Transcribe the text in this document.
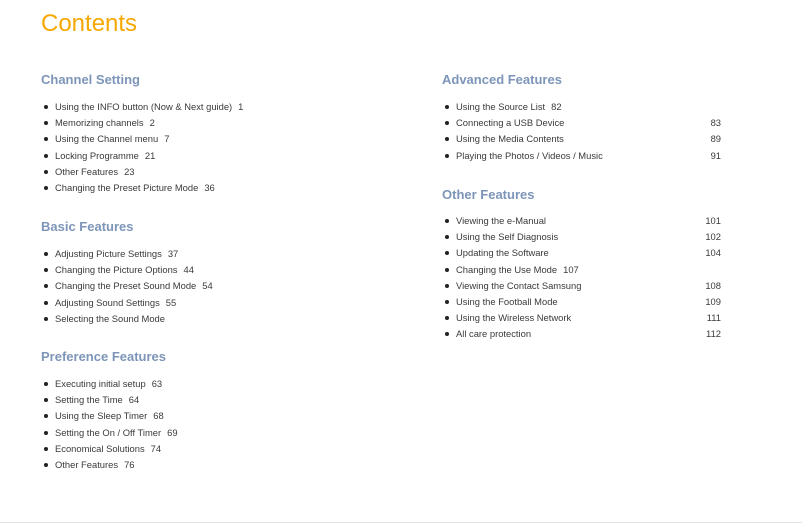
Contents
Channel Setting
Using the INFO button (Now & Next guide) 1
Memorizing channels 2
Using the Channel menu 7
Locking Programme 21
Other Features 23
Changing the Preset Picture Mode 36
Basic Features
Adjusting Picture Settings 37
Changing the Picture Options 44
Changing the Preset Sound Mode 54
Adjusting Sound Settings 55
Selecting the Sound Mode
Preference Features
Executing initial setup 63
Setting the Time 64
Using the Sleep Timer 68
Setting the On / Off Timer 69
Economical Solutions 74
Other Features 76
Advanced Features
Using the Source List 82
Connecting a USB Device	83
Using the Media Contents	89
Playing the Photos / Videos / Music	91
Other Features
Viewing the e-Manual	101
Using the Self Diagnosis	102
Updating the Software	104
Changing the Use Mode 107
Viewing the Contact Samsung	108
Using the Football Mode	109
Using the Wireless Network	111
All care protection	112
